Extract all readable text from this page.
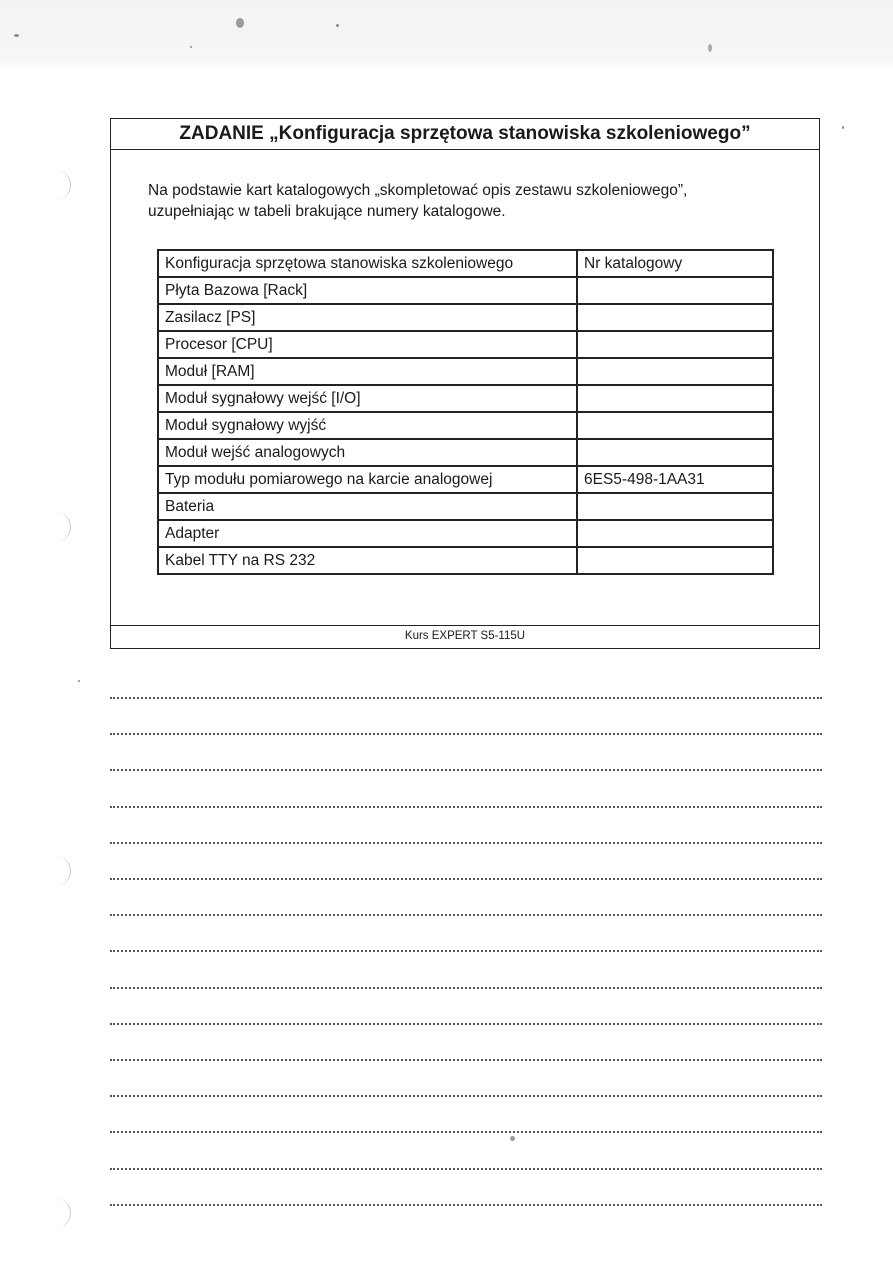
ZADANIE „Konfiguracja sprzętowa stanowiska szkoleniowego”

Na podstawie kart katalogowych „skompletować opis zestawu szkoleniowego”,

uzupełniając w tabeli brakujące numery katalogowe.

Konfiguracja sprzętowa stanowiska szkoleniowego	Nr katalogowy
Płyta Bazowa [Rack]	
Zasilacz [PS]	
Procesor [CPU]	
Moduł [RAM]	
Moduł sygnałowy wejść [I/O]	
Moduł sygnałowy wyjść	
Moduł wejść analogowych	
Typ modułu pomiarowego na karcie analogowej	6ES5-498-1AA31
Bateria	
Adapter	
Kabel TTY na RS 232	
Kurs EXPERT S5-115U
